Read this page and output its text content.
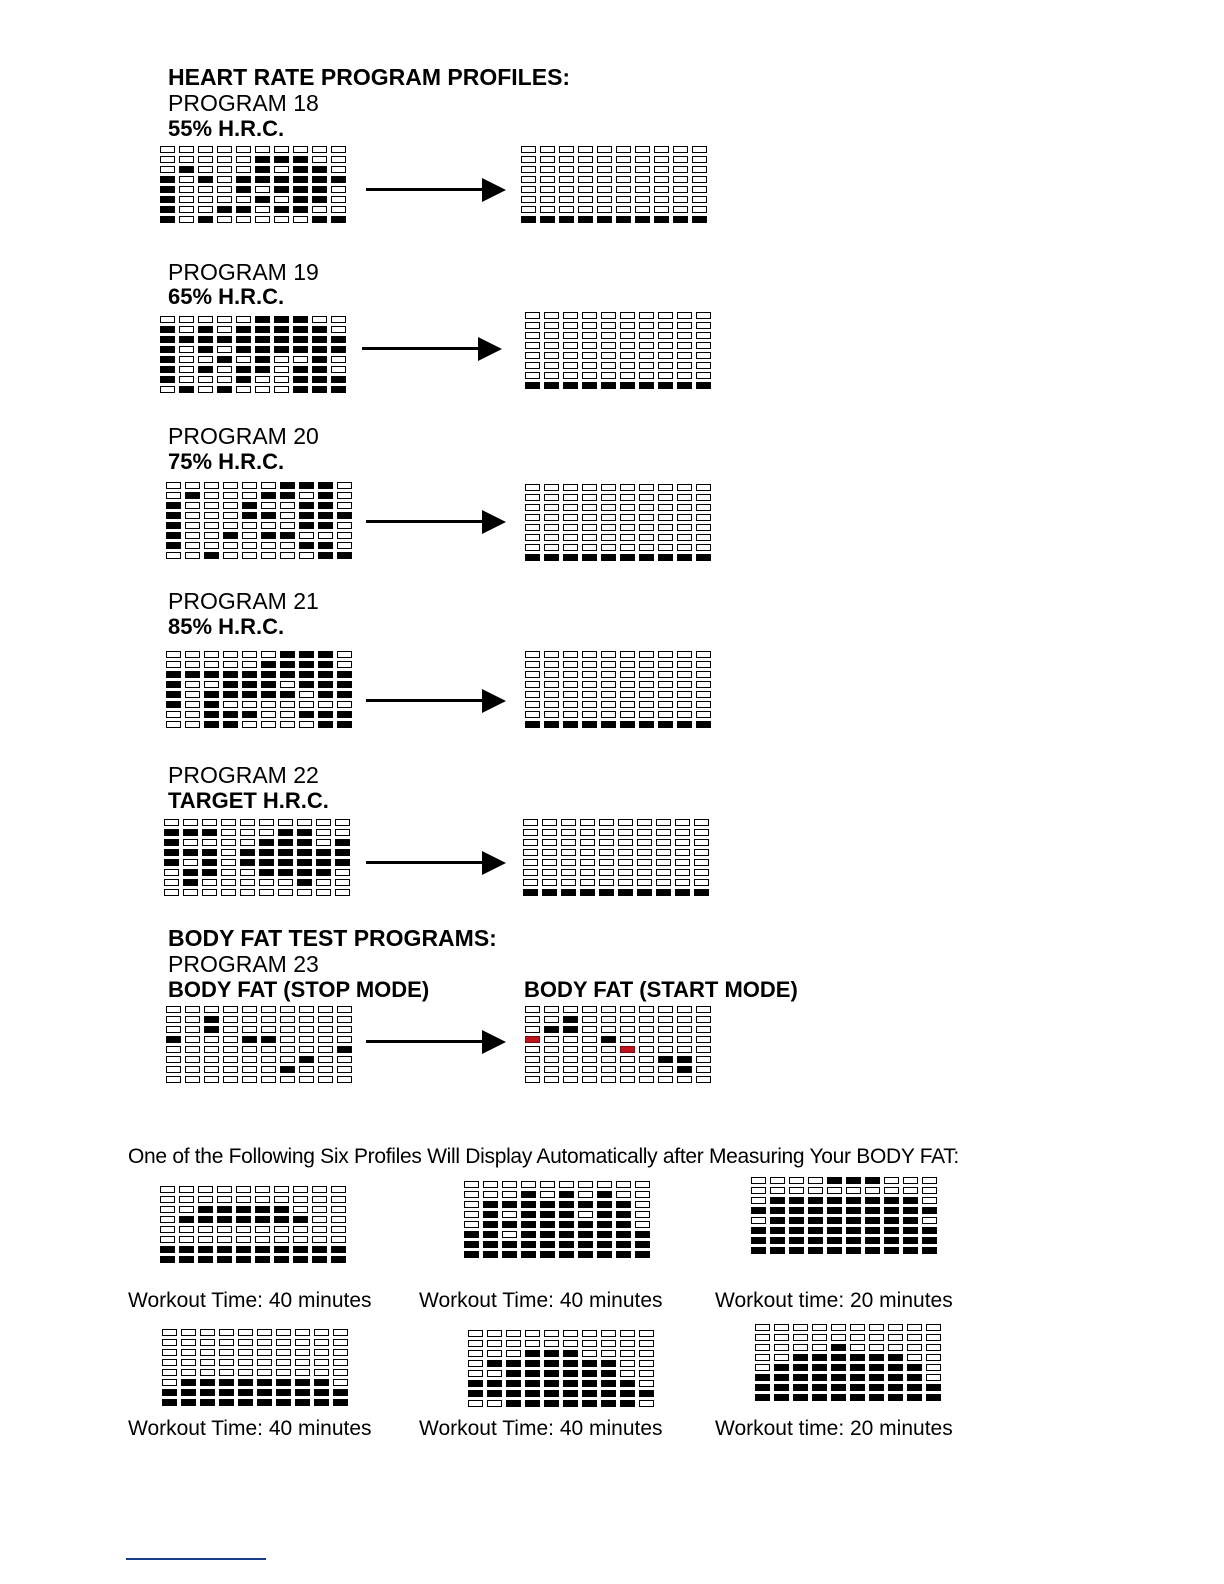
HEART RATE PROGRAM PROFILES:
PROGRAM 18
55% H.R.C.
PROGRAM 19
65% H.R.C.
PROGRAM 20
75% H.R.C.
PROGRAM 21
85% H.R.C.
PROGRAM 22
TARGET H.R.C.
BODY FAT TEST PROGRAMS:
PROGRAM 23
BODY FAT (STOP MODE)	BODY FAT (START MODE)
One of the Following Six Profiles Will Display Automatically after Measuring Your BODY FAT:
Workout Time: 40 minutes Workout Time: 40 minutes Workout time: 20 minutes
Workout Time: 40 minutes Workout Time: 40 minutes Workout time: 20 minutes
